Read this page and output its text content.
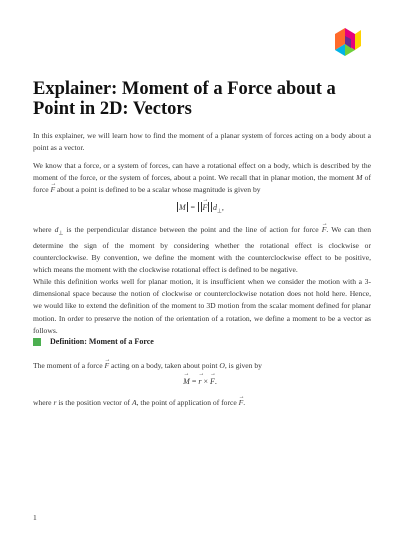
Explainer: Moment of a Force about a Point in 2D: Vectors

In this explainer, we will learn how to find the moment of a planar system of forces acting on a body about a point as a vector.

We know that a force, or a system of forces, can have a rotational effect on a body, which is described by the moment of the force, or the system of forces, about a point. We recall that in planar motion, the moment M of force → F about a point is defined to be a scalar whose magnitude is given by

M = → F $d_\perp$,

where $d_\perp$ is the perpendicular distance between the point and the line of action for force → F. We can then determine the sign of the moment by considering whether the rotational effect is clockwise or counterclockwise. By convention, we define the moment with the counterclockwise effect to be positive, which means the moment with the clockwise rotational effect is defined to be negative.

While this definition works well for planar motion, it is insufficient when we consider the motion with a 3-dimensional space because the notion of clockwise or counterclockwise notation does not hold here. Hence, we would like to extend the definition of the moment to 3D motion from the scalar moment defined for planar motion. In order to preserve the notion of the orientation of a rotation, we define a moment to be a vector as follows.

Definition: Moment of a Force

The moment of a force → F acting on a body, taken about point O, is given by

→ M = → r × → F.

where r is the position vector of A, the point of application of force → F.

1
